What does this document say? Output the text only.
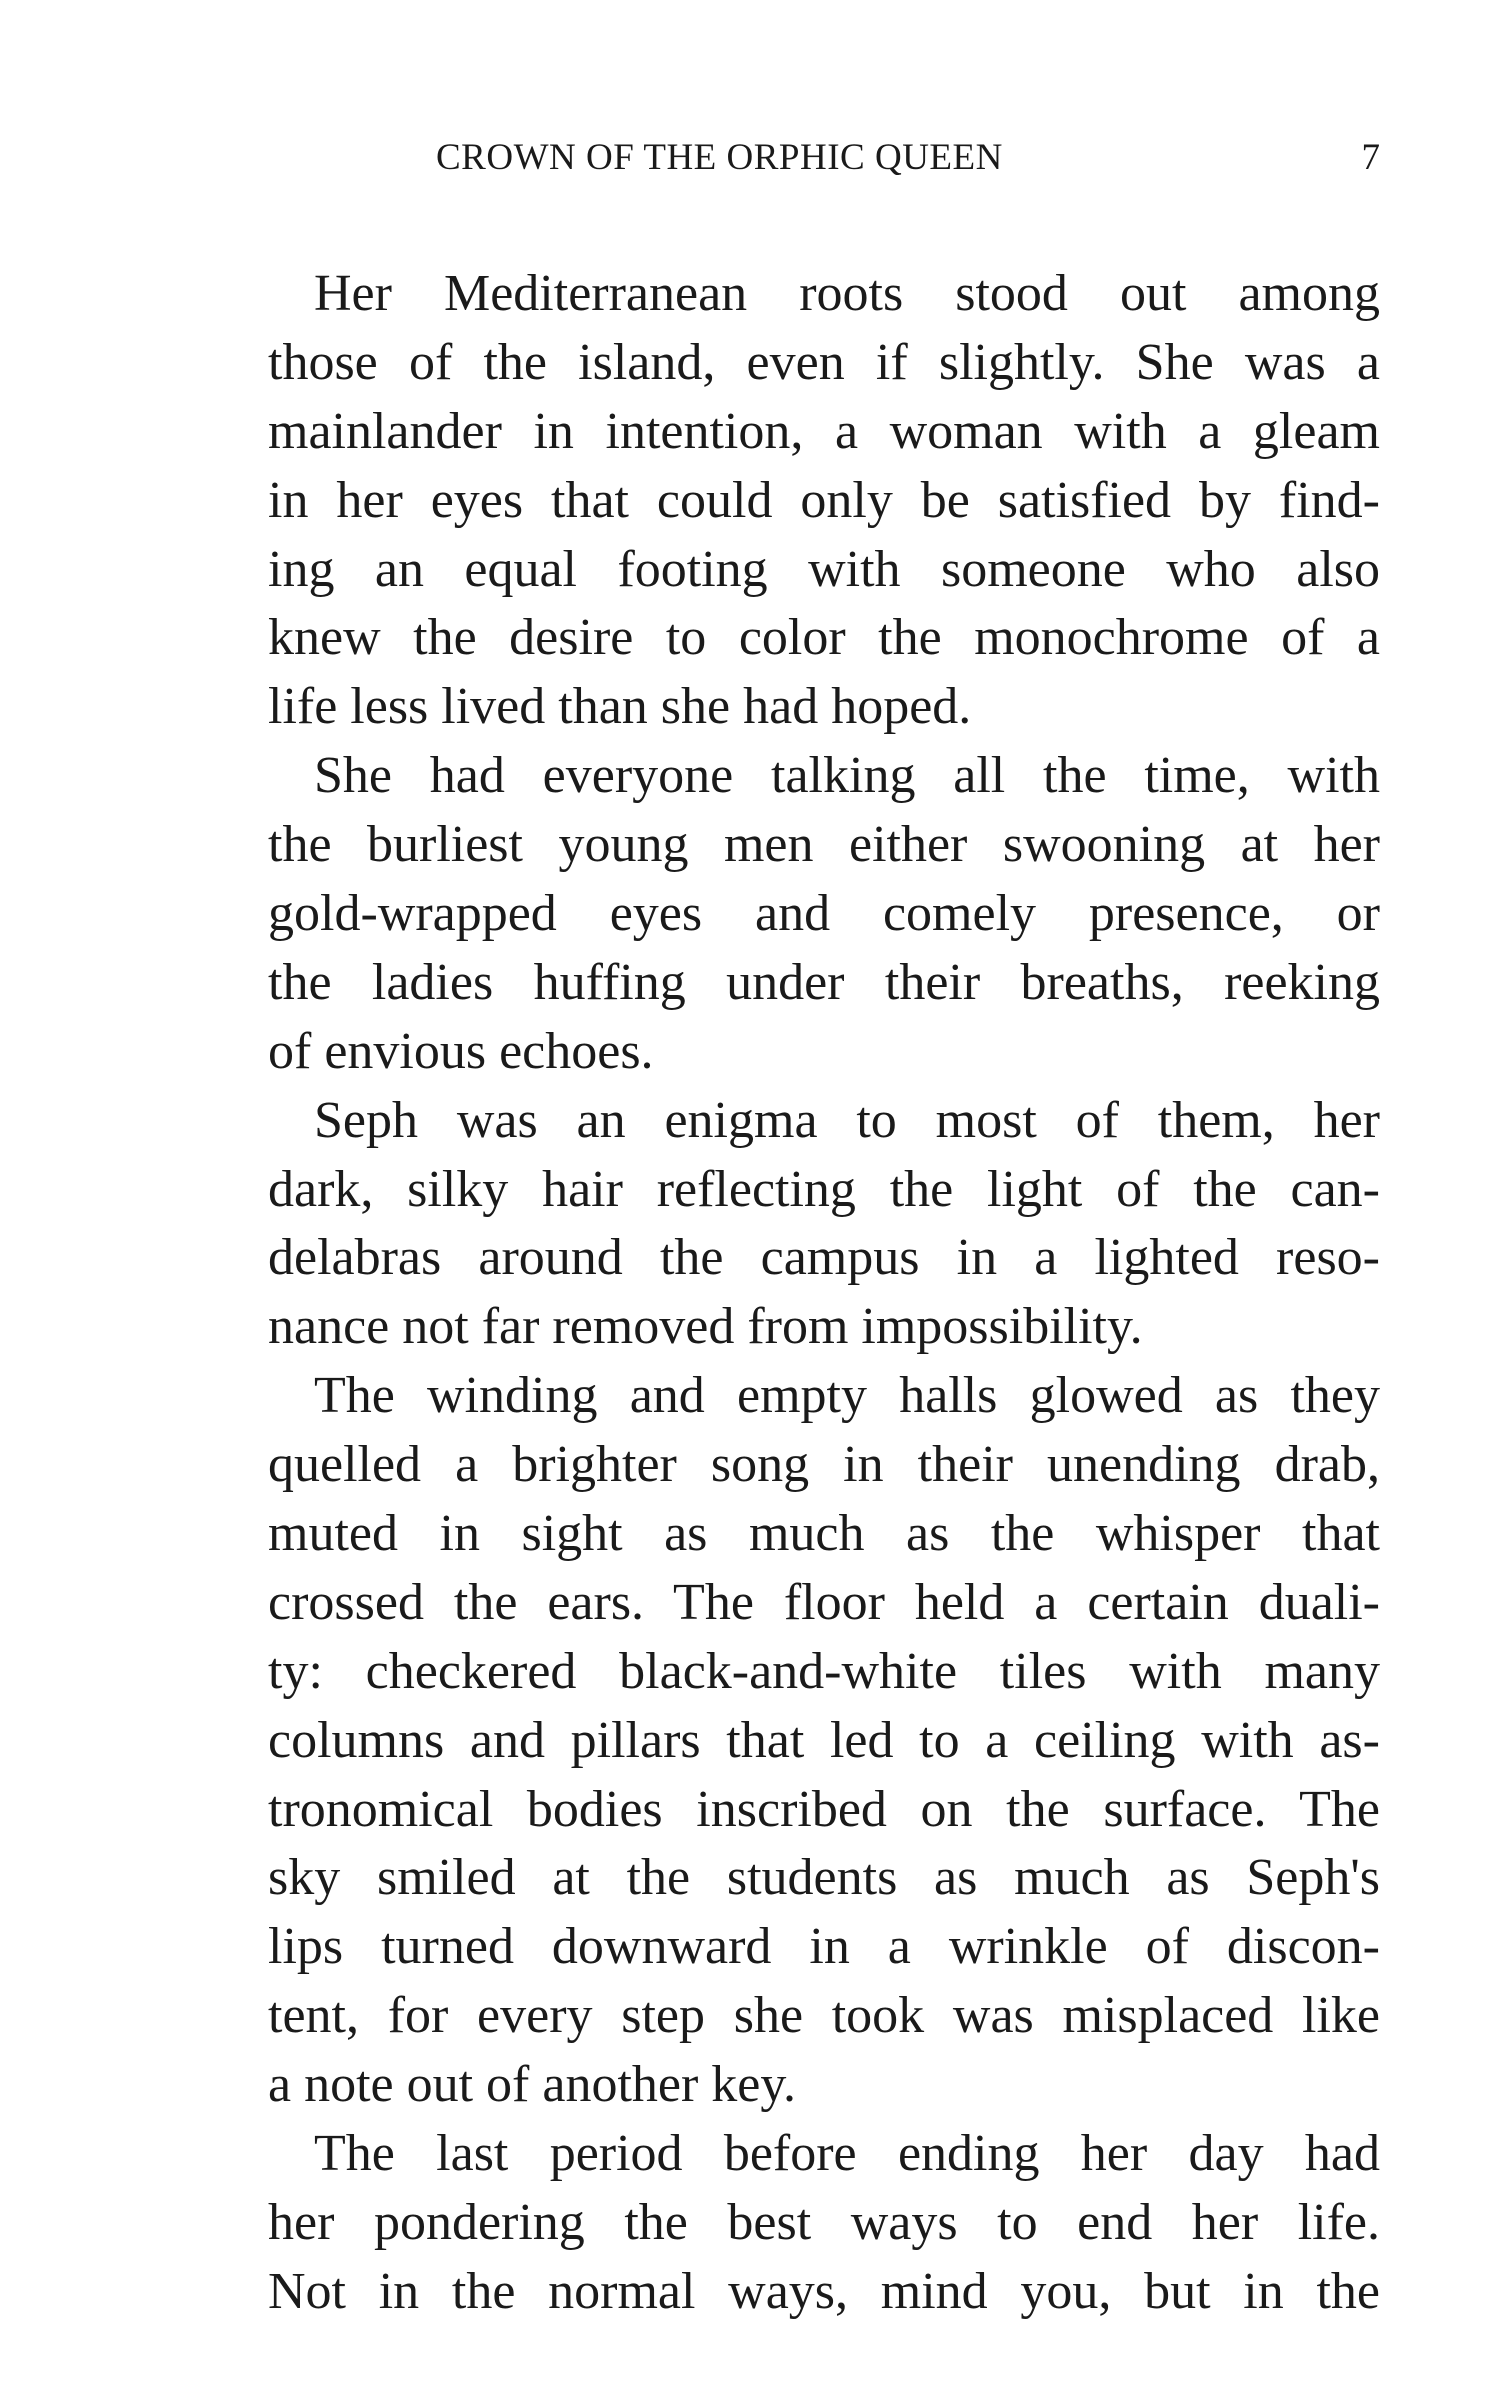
CROWN OF THE ORPHIC QUEEN	7
Her Mediterranean roots stood out among
those of the island, even if slightly. She was a
mainlander in intention, a woman with a gleam
in her eyes that could only be satisfied by find-
ing an equal footing with someone who also
knew the desire to color the monochrome of a
life less lived than she had hoped.
She had everyone talking all the time, with
the burliest young men either swooning at her
gold-wrapped eyes and comely presence, or
the ladies huffing under their breaths, reeking
of envious echoes.
Seph was an enigma to most of them, her
dark, silky hair reflecting the light of the can-
delabras around the campus in a lighted reso-
nance not far removed from impossibility.
The winding and empty halls glowed as they
quelled a brighter song in their unending drab,
muted in sight as much as the whisper that
crossed the ears. The floor held a certain duali-
ty: checkered black-and-white tiles with many
columns and pillars that led to a ceiling with as-
tronomical bodies inscribed on the surface. The
sky smiled at the students as much as Seph's
lips turned downward in a wrinkle of discon-
tent, for every step she took was misplaced like
a note out of another key.
The last period before ending her day had
her pondering the best ways to end her life.
Not in the normal ways, mind you, but in the
